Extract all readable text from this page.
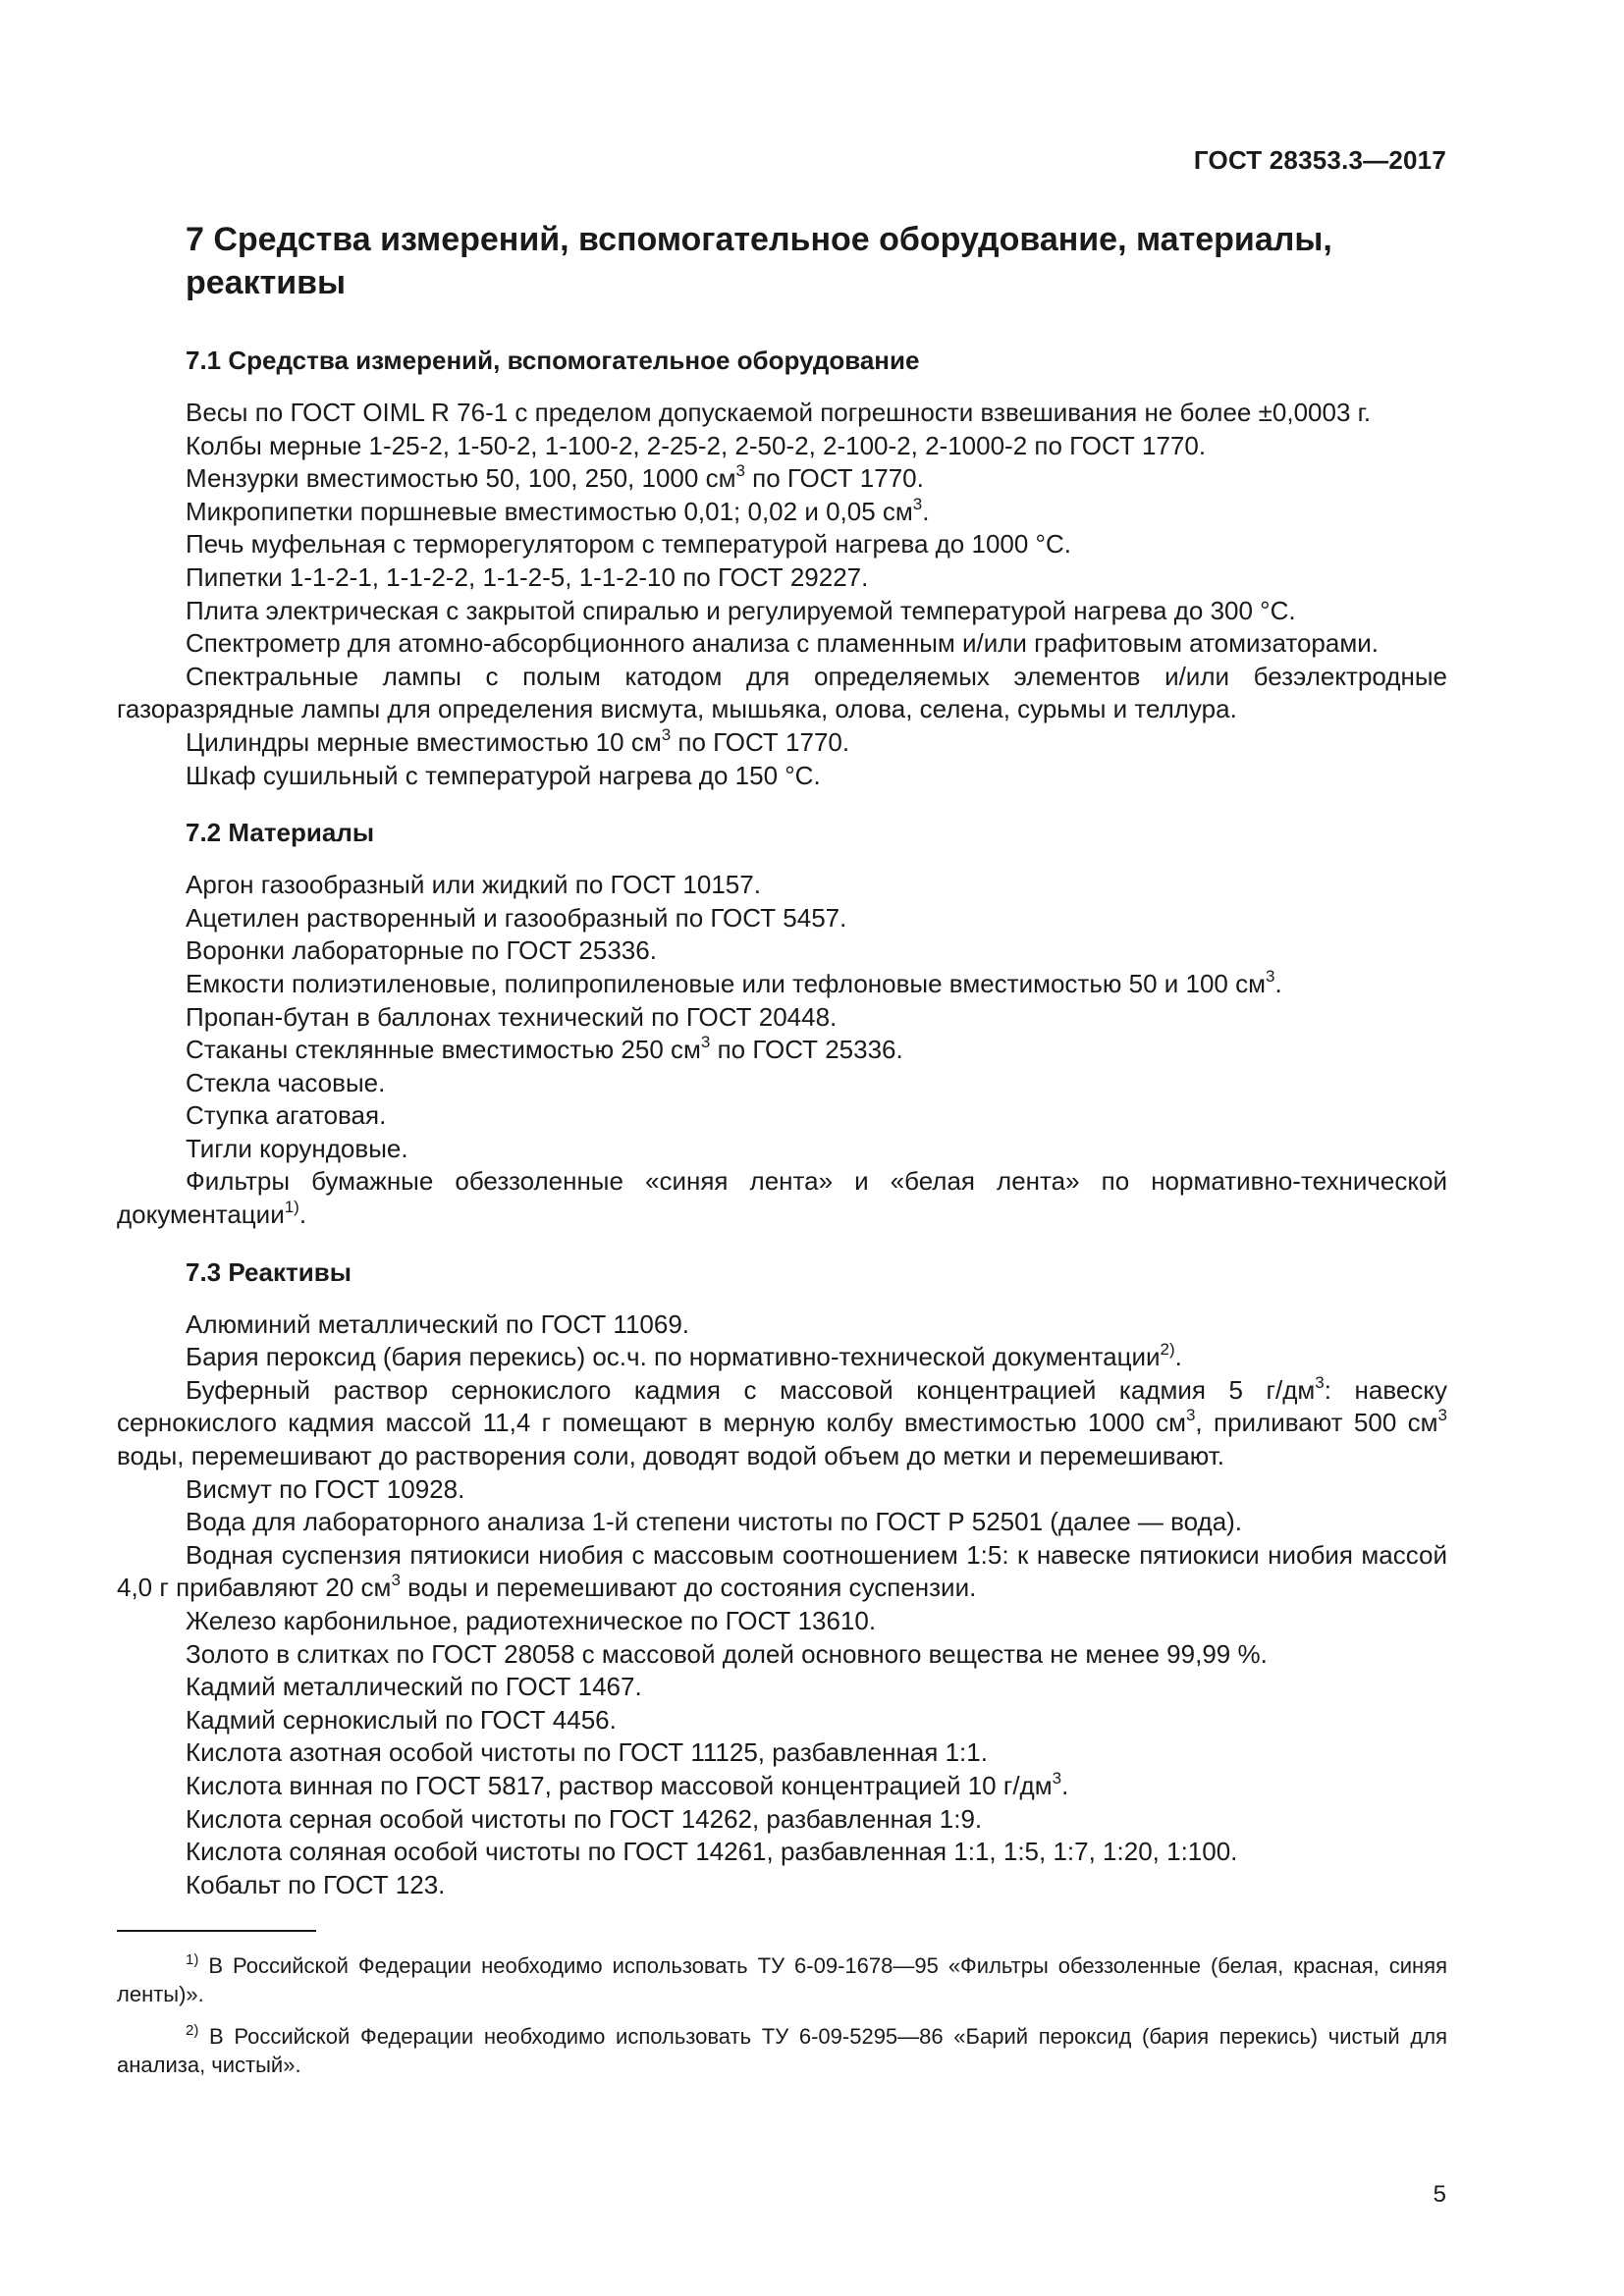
ГОСТ 28353.3—2017
7 Средства измерений, вспомогательное оборудование, материалы, реактивы
7.1 Средства измерений, вспомогательное оборудование

Весы по ГОСТ OIML R 76-1 с пределом допускаемой погрешности взвешивания не более ±0,0003 г.

Колбы мерные 1-25-2, 1-50-2, 1-100-2, 2-25-2, 2-50-2, 2-100-2, 2-1000-2 по ГОСТ 1770.

Мензурки вместимостью 50, 100, 250, 1000 $см^3$ по ГОСТ 1770.

Микропипетки поршневые вместимостью 0,01; 0,02 и 0,05 $см^3$.

Печь муфельная с терморегулятором с температурой нагрева до 1000 °С.

Пипетки 1-1-2-1, 1-1-2-2, 1-1-2-5, 1-1-2-10 по ГОСТ 29227.

Плита электрическая с закрытой спиралью и регулируемой температурой нагрева до 300 °С.

Спектрометр для атомно-абсорбционного анализа с пламенным и/или графитовым атомизаторами.

Спектральные лампы с полым катодом для определяемых элементов и/или безэлектродные газоразрядные лампы для определения висмута, мышьяка, олова, селена, сурьмы и теллура.

Цилиндры мерные вместимостью 10 $см^3$ по ГОСТ 1770.

Шкаф сушильный с температурой нагрева до 150 °С.

7.2 Материалы

Аргон газообразный или жидкий по ГОСТ 10157.

Ацетилен растворенный и газообразный по ГОСТ 5457.

Воронки лабораторные по ГОСТ 25336.

Емкости полиэтиленовые, полипропиленовые или тефлоновые вместимостью 50 и 100 $см^3$.

Пропан-бутан в баллонах технический по ГОСТ 20448.

Стаканы стеклянные вместимостью 250 $см^3$ по ГОСТ 25336.

Стекла часовые.

Ступка агатовая.

Тигли корундовые.

Фильтры бумажные обеззоленные «синяя лента» и «белая лента» по нормативно-технической документации$^{1)}$.

7.3 Реактивы

Алюминий металлический по ГОСТ 11069.

Бария пероксид (бария перекись) ос.ч. по нормативно-технической документации$^{2)}$.

Буферный раствор сернокислого кадмия с массовой концентрацией кадмия 5 $г/дм^3$: навеску сернокислого кадмия массой 11,4 г помещают в мерную колбу вместимостью 1000 $см^3$, приливают 500 $см^3$ воды, перемешивают до растворения соли, доводят водой объем до метки и перемешивают.

Висмут по ГОСТ 10928.

Вода для лабораторного анализа 1-й степени чистоты по ГОСТ Р 52501 (далее — вода).

Водная суспензия пятиокиси ниобия с массовым соотношением 1:5: к навеске пятиокиси ниобия массой 4,0 г прибавляют 20 $см^3$ воды и перемешивают до состояния суспензии.

Железо карбонильное, радиотехническое по ГОСТ 13610.

Золото в слитках по ГОСТ 28058 с массовой долей основного вещества не менее 99,99 %.

Кадмий металлический по ГОСТ 1467.

Кадмий сернокислый по ГОСТ 4456.

Кислота азотная особой чистоты по ГОСТ 11125, разбавленная 1:1.

Кислота винная по ГОСТ 5817, раствор массовой концентрацией 10 $г/дм^3$.

Кислота серная особой чистоты по ГОСТ 14262, разбавленная 1:9.

Кислота соляная особой чистоты по ГОСТ 14261, разбавленная 1:1, 1:5, 1:7, 1:20, 1:100.

Кобальт по ГОСТ 123.

$^{1)}$ В Российской Федерации необходимо использовать ТУ 6-09-1678—95 «Фильтры обеззоленные (белая, красная, синяя ленты)».

$^{2)}$ В Российской Федерации необходимо использовать ТУ 6-09-5295—86 «Барий пероксид (бария перекись) чистый для анализа, чистый».

5
